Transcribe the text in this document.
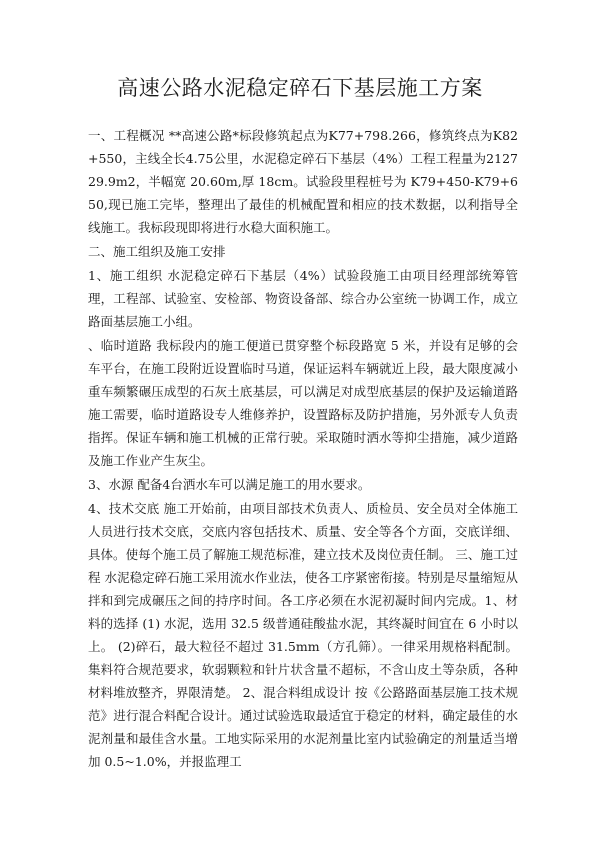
高速公路水泥稳定碎石下基层施工方案

一、工程概况 **高速公路*标段修筑起点为K77+798.266，修筑终点为K82+550，主线全长4.75公里，水泥稳定碎石下基层（4%）工程工程量为212729.9m2，半幅宽 20.60m,厚 18cm。试验段里程桩号为 K79+450-K79+650,现已施工完毕，整理出了最佳的机械配置和相应的技术数据，以利指导全线施工。我标段现即将进行水稳大面积施工。

二、施工组织及施工安排

1、施工组织 水泥稳定碎石下基层（4%）试验段施工由项目经理部统筹管理，工程部、试验室、安检部、物资设备部、综合办公室统一协调工作，成立路面基层施工小组。

、临时道路 我标段内的施工便道已贯穿整个标段路宽 5 米，并设有足够的会车平台，在施工段附近设置临时马道，保证运料车辆就近上段，最大限度减小重车频繁碾压成型的石灰土底基层，可以满足对成型底基层的保护及运输道路施工需要，临时道路设专人维修养护，设置路标及防护措施，另外派专人负责指挥。保证车辆和施工机械的正常行驶。采取随时洒水等抑尘措施，减少道路及施工作业产生灰尘。

3、水源 配备4台洒水车可以满足施工的用水要求。

4、技术交底 施工开始前，由项目部技术负责人、质检员、安全员对全体施工人员进行技术交底，交底内容包括技术、质量、安全等各个方面，交底详细、具体。使每个施工员了解施工规范标准，建立技术及岗位责任制。 三、施工过程 水泥稳定碎石施工采用流水作业法，使各工序紧密衔接。特别是尽量缩短从拌和到完成碾压之间的持序时间。各工序必须在水泥初凝时间内完成。1、材料的选择 (1) 水泥，选用 32.5 级普通硅酸盐水泥，其终凝时间宜在 6 小时以上。 (2)碎石，最大粒径不超过 31.5mm（方孔筛）。一律采用规格料配制。 集料符合规范要求，软弱颗粒和针片状含量不超标，不含山皮土等杂质，各种材料堆放整齐，界限清楚。 2、混合料组成设计 按《公路路面基层施工技术规范》进行混合料配合设计。通过试验选取最适宜于稳定的材料，确定最佳的水泥剂量和最佳含水量。工地实际采用的水泥剂量比室内试验确定的剂量适当增加 0.5~1.0%，并报监理工
